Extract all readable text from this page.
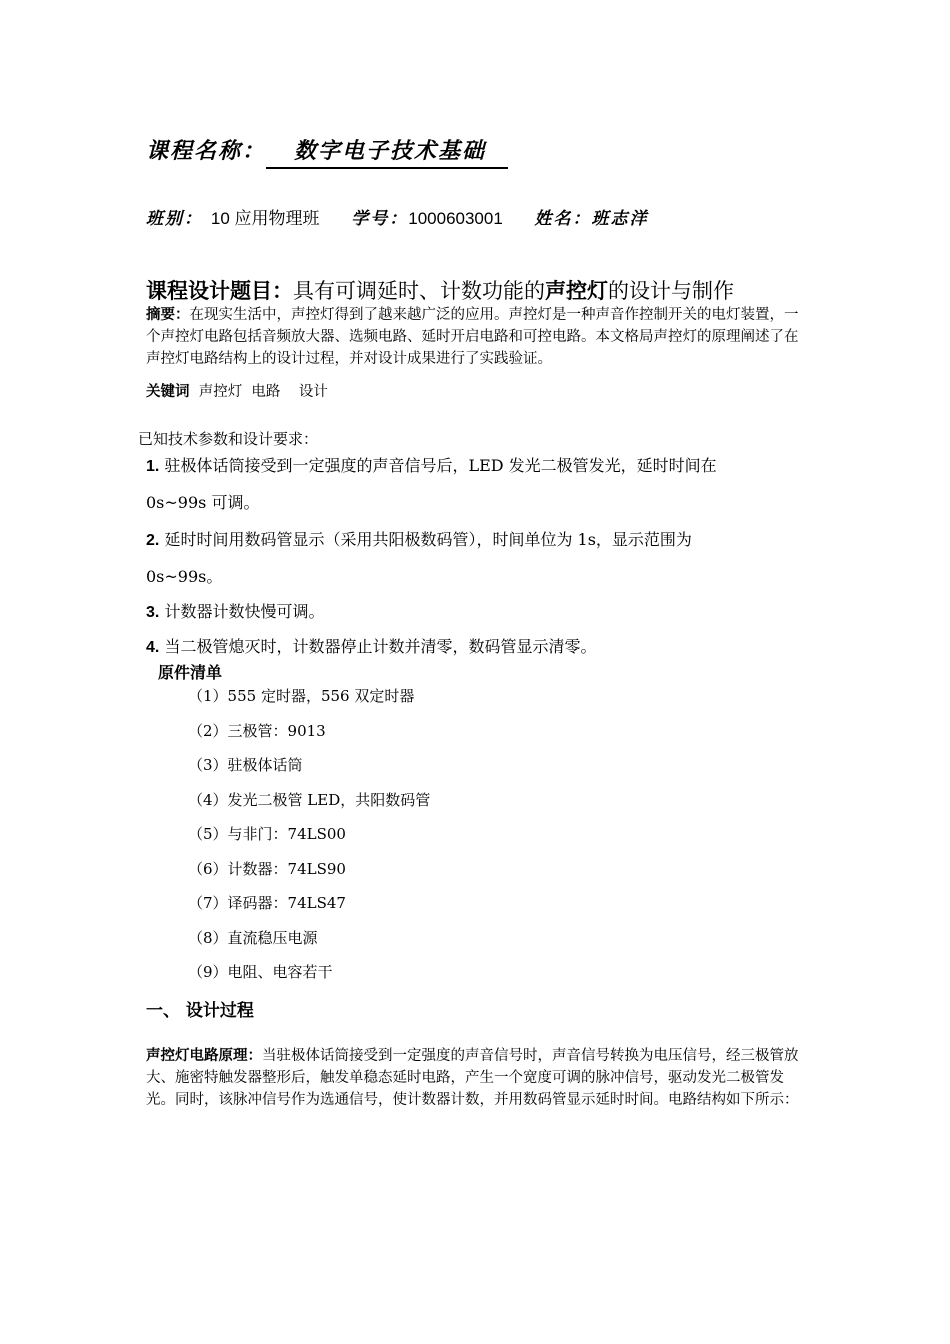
课程名称： 数字电子技术基础
班别： 10 应用物理班 学号：1000603001 姓名：班志洋
课程设计题目：具有可调延时、计数功能的声控灯的设计与制作
摘要：在现实生活中，声控灯得到了越来越广泛的应用。声控灯是一种声音作控制开关的电灯装置，一个声控灯电路包括音频放大器、选频电路、延时开启电路和可控电路。本文格局声控灯的原理阐述了在声控灯电路结构上的设计过程，并对设计成果进行了实践验证。
关键词 声控灯  电路    设计
已知技术参数和设计要求：
1. 驻极体话筒接受到一定强度的声音信号后，LED 发光二极管发光，延时时间在
0s~99s 可调。
2. 延时时间用数码管显示（采用共阳极数码管），时间单位为 1s，显示范围为
0s~99s。
3. 计数器计数快慢可调。
4. 当二极管熄灭时，计数器停止计数并清零，数码管显示清零。
原件清单
（1）555 定时器，556 双定时器
（2）三极管：9013
（3）驻极体话筒
（4）发光二极管 LED，共阳数码管
（5）与非门：74LS00
（6）计数器：74LS90
（7）译码器：74LS47
（8）直流稳压电源
（9）电阻、电容若干
一、 设计过程
声控灯电路原理：当驻极体话筒接受到一定强度的声音信号时，声音信号转换为电压信号，经三极管放大、施密特触发器整形后，触发单稳态延时电路，产生一个宽度可调的脉冲信号，驱动发光二极管发光。同时，该脉冲信号作为选通信号，使计数器计数，并用数码管显示延时时间。电路结构如下所示：
